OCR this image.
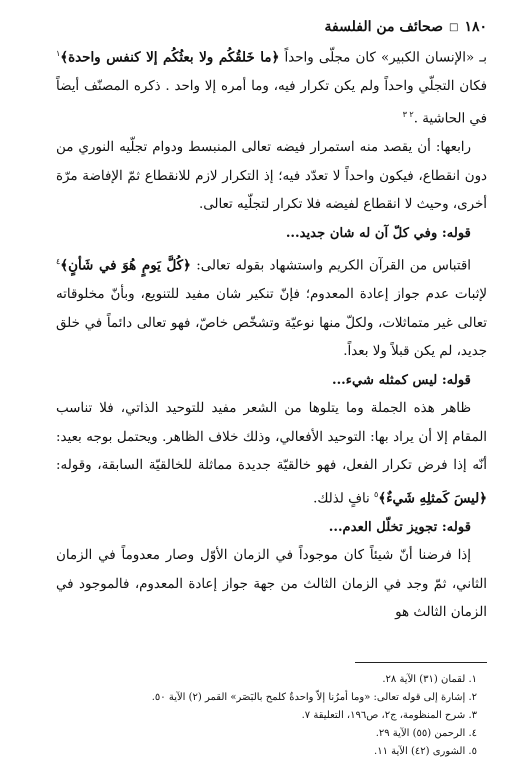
١٨٠
□
صحائف من الفلسفة

بـ «الإنسان الكبير» كان مجلّى واحداً ﴿ما خَلقُكُم ولا بعثُكُم إلا كنفس واحدة﴾$^١$ فكان التجلّي واحداً ولم يكن تكرار فيه، وما أمره إلا واحد . ذكره المصنّف أيضاً في الحاشية .$^{٢ ٣}$

رابعها: أن يقصد منه استمرار فيضه تعالى المنبسط ودوام تجلّيه النوري من دون انقطاع، فيكون واحداً لا تعدّد فيه؛ إذ التكرار لازم للانقطاع ثمّ الإفاضة مرّة أخرى، وحيث لا انقطاع لفيضه فلا تكرار لتجلّيه تعالى.

قوله: وفي كلّ آن له شان جديد...

اقتباس من القرآن الكريم واستشهاد بقوله تعالى: ﴿كُلَّ يَومٍ هُوَ في شَأنٍ﴾$^٤$ لإثبات عدم جواز إعادة المعدوم؛ فإنّ تنكير شان مفيد للتنويع، وبأنّ مخلوقاته تعالى غير متماثلات، ولكلّ منها نوعيّة وتشخّص خاصّ، فهو تعالى دائماً في خلق جديد، لم يكن قبلاً ولا بعداً.

قوله: ليس كمثله شيء...

ظاهر هذه الجملة وما يتلوها من الشعر مفيد للتوحيد الذاتي، فلا تناسب المقام إلا أن يراد بها: التوحيد الأفعالي، وذلك خلاف الظاهر. ويحتمل بوجه بعيد: أنّه إذا فرض تكرار الفعل، فهو خالقيّة جديدة مماثلة للخالقيّة السابقة، وقوله: ﴿ليسَ كَمثلِهِ شَيءٌ﴾$^٥$ نافٍ لذلك.

قوله: تجويز تخلّل العدم...

إذا فرضنا أنّ شيئاً كان موجوداً في الزمان الأوّل وصار معدوماً في الزمان الثاني، ثمّ وجد في الزمان الثالث من جهة جواز إعادة المعدوم، فالموجود في الزمان الثالث هو

١. لقمان (٣١) الآية ٢٨.
٢. إشارة إلى قوله تعالى: «وما أمرُنا إلاّ واحدةٌ كلمح بالبَصَر» القمر (٢) الآية ٥٠.
٣. شرح المنظومة، ج٢، ص١٩٦، التعليقة ٧.
٤. الرحمن (٥٥) الآية ٢٩.
٥. الشورى (٤٢) الآية ١١.
